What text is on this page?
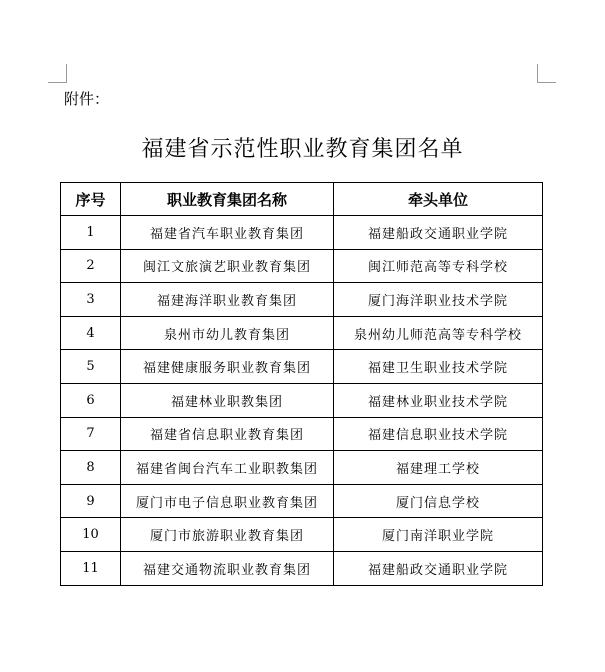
附件：
福建省示范性职业教育集团名单
序号	职业教育集团名称	牵头单位
1	福建省汽车职业教育集团	福建船政交通职业学院
2	闽江文旅演艺职业教育集团	闽江师范高等专科学校
3	福建海洋职业教育集团	厦门海洋职业技术学院
4	泉州市幼儿教育集团	泉州幼儿师范高等专科学校
5	福建健康服务职业教育集团	福建卫生职业技术学院
6	福建林业职教集团	福建林业职业技术学院
7	福建省信息职业教育集团	福建信息职业技术学院
8	福建省闽台汽车工业职教集团	福建理工学校
9	厦门市电子信息职业教育集团	厦门信息学校
10	厦门市旅游职业教育集团	厦门南洋职业学院
11	福建交通物流职业教育集团	福建船政交通职业学院
